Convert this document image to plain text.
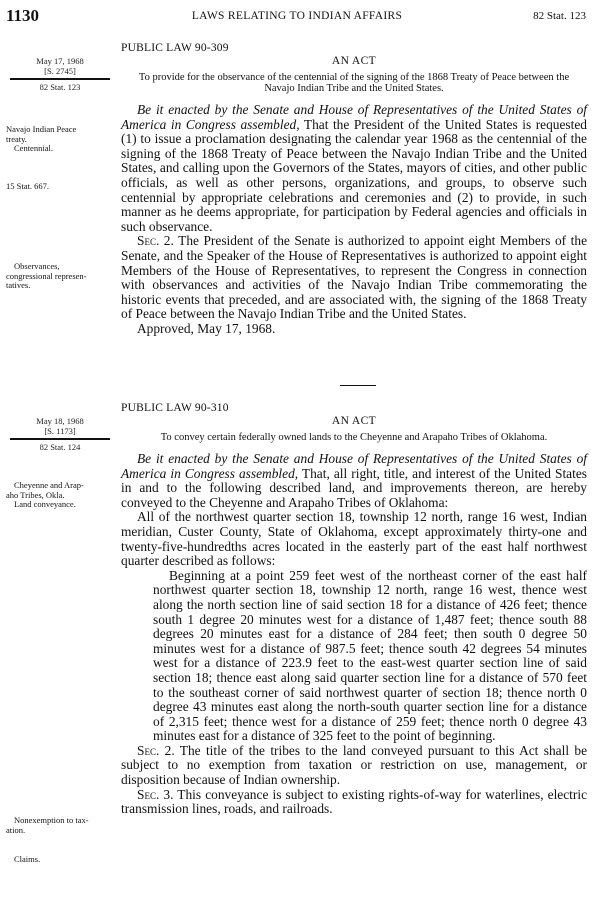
1130	LAWS RELATING TO INDIAN AFFAIRS	82 Stat. 123
May 17, 1968
[S. 2745]
82 Stat. 123
Navajo Indian Peace
treaty.
Centennial.
15 Stat. 667.
Observances,
congressional represen-
tatives.
PUBLIC LAW 90-309
AN ACT
To provide for the observance of the centennial of the signing of the 1868 Treaty of Peace between the Navajo Indian Tribe and the United States.

Be it enacted by the Senate and House of Representatives of the United States of America in Congress assembled, That the President of the United States is requested (1) to issue a proclamation designating the calendar year 1968 as the centennial of the signing of the 1868 Treaty of Peace between the Navajo Indian Tribe and the United States, and calling upon the Governors of the States, mayors of cities, and other public officials, as well as other persons, organizations, and groups, to observe such centennial by appropriate celebrations and ceremonies and (2) to provide, in such manner as he deems appropriate, for participation by Federal agencies and officials in such observance.

Sec. 2. The President of the Senate is authorized to appoint eight Members of the Senate, and the Speaker of the House of Representatives is authorized to appoint eight Members of the House of Representatives, to represent the Congress in connection with observances and activities of the Navajo Indian Tribe commemorating the historic events that preceded, and are associated with, the signing of the 1868 Treaty of Peace between the Navajo Indian Tribe and the United States.

Approved, May 17, 1968.

May 18, 1968
[S. 1173]
82 Stat. 124
Cheyenne and Arap-
aho Tribes, Okla.
Land conveyance.
Nonexemption to tax-
ation.
Claims.
PUBLIC LAW 90-310
AN ACT
To convey certain federally owned lands to the Cheyenne and Arapaho Tribes of Oklahoma.

Be it enacted by the Senate and House of Representatives of the United States of America in Congress assembled, That, all right, title, and interest of the United States in and to the following described land, and improvements thereon, are hereby conveyed to the Cheyenne and Arapaho Tribes of Oklahoma:

All of the northwest quarter section 18, township 12 north, range 16 west, Indian meridian, Custer County, State of Oklahoma, except approximately thirty-one and twenty-five-hundredths acres located in the easterly part of the east half northwest quarter described as follows:

Beginning at a point 259 feet west of the northeast corner of the east half northwest quarter section 18, township 12 north, range 16 west, thence west along the north section line of said section 18 for a distance of 426 feet; thence south 1 degree 20 minutes west for a distance of 1,487 feet; thence south 88 degrees 20 minutes east for a distance of 284 feet; then south 0 degree 50 minutes west for a distance of 987.5 feet; thence south 42 degrees 54 minutes west for a distance of 223.9 feet to the east-west quarter section line of said section 18; thence east along said quarter section line for a distance of 570 feet to the southeast corner of said northwest quarter of section 18; thence north 0 degree 43 minutes east along the north-south quarter section line for a distance of 2,315 feet; thence west for a distance of 259 feet; thence north 0 degree 43 minutes east for a distance of 325 feet to the point of beginning.

Sec. 2. The title of the tribes to the land conveyed pursuant to this Act shall be subject to no exemption from taxation or restriction on use, management, or disposition because of Indian ownership.

Sec. 3. This conveyance is subject to existing rights-of-way for waterlines, electric transmission lines, roads, and railroads.
